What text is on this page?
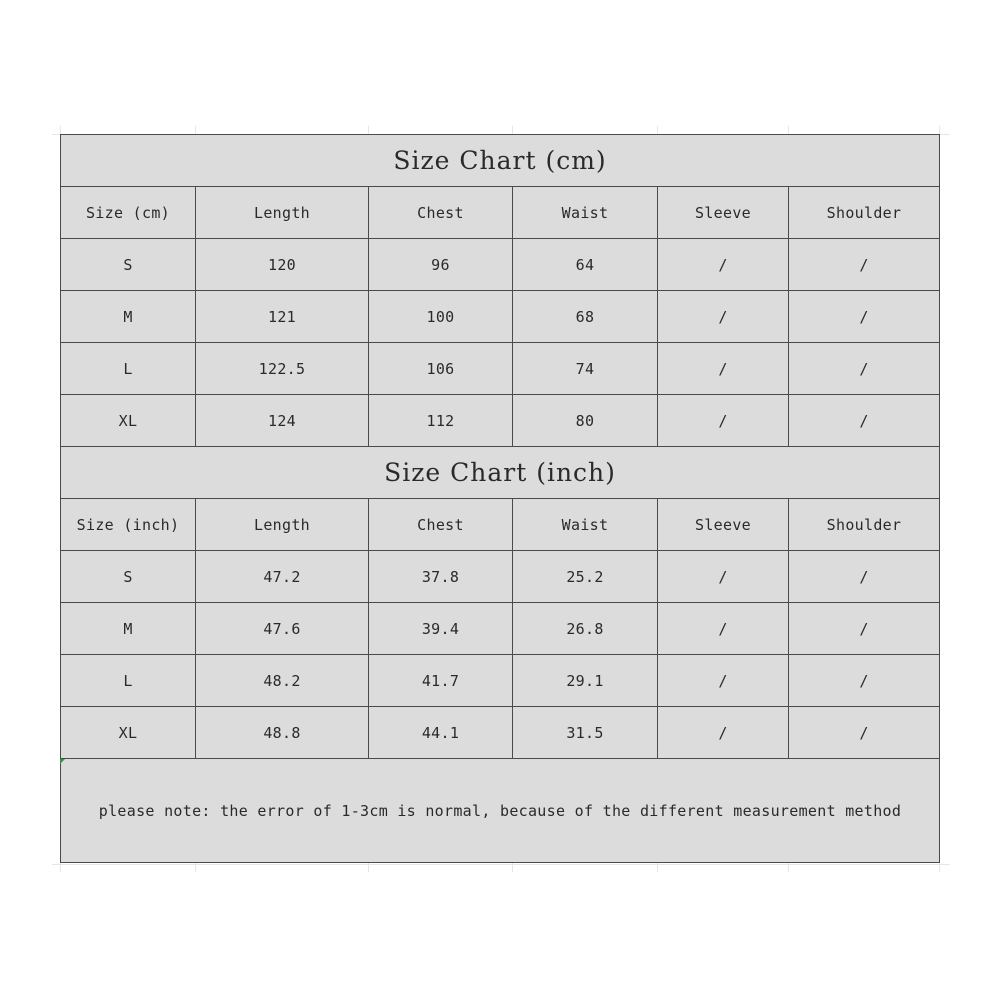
Size Chart (cm)					
Size (cm)	Length	Chest	Waist	Sleeve	Shoulder
S	120	96	64	/	/
M	121	100	68	/	/
L	122.5	106	74	/	/
XL	124	112	80	/	/
Size Chart (inch)					
Size (inch)	Length	Chest	Waist	Sleeve	Shoulder
S	47.2	37.8	25.2	/	/
M	47.6	39.4	26.8	/	/
L	48.2	41.7	29.1	/	/
XL	48.8	44.1	31.5	/	/
please note: the error of 1-3cm is normal, because of the different measurement method					
